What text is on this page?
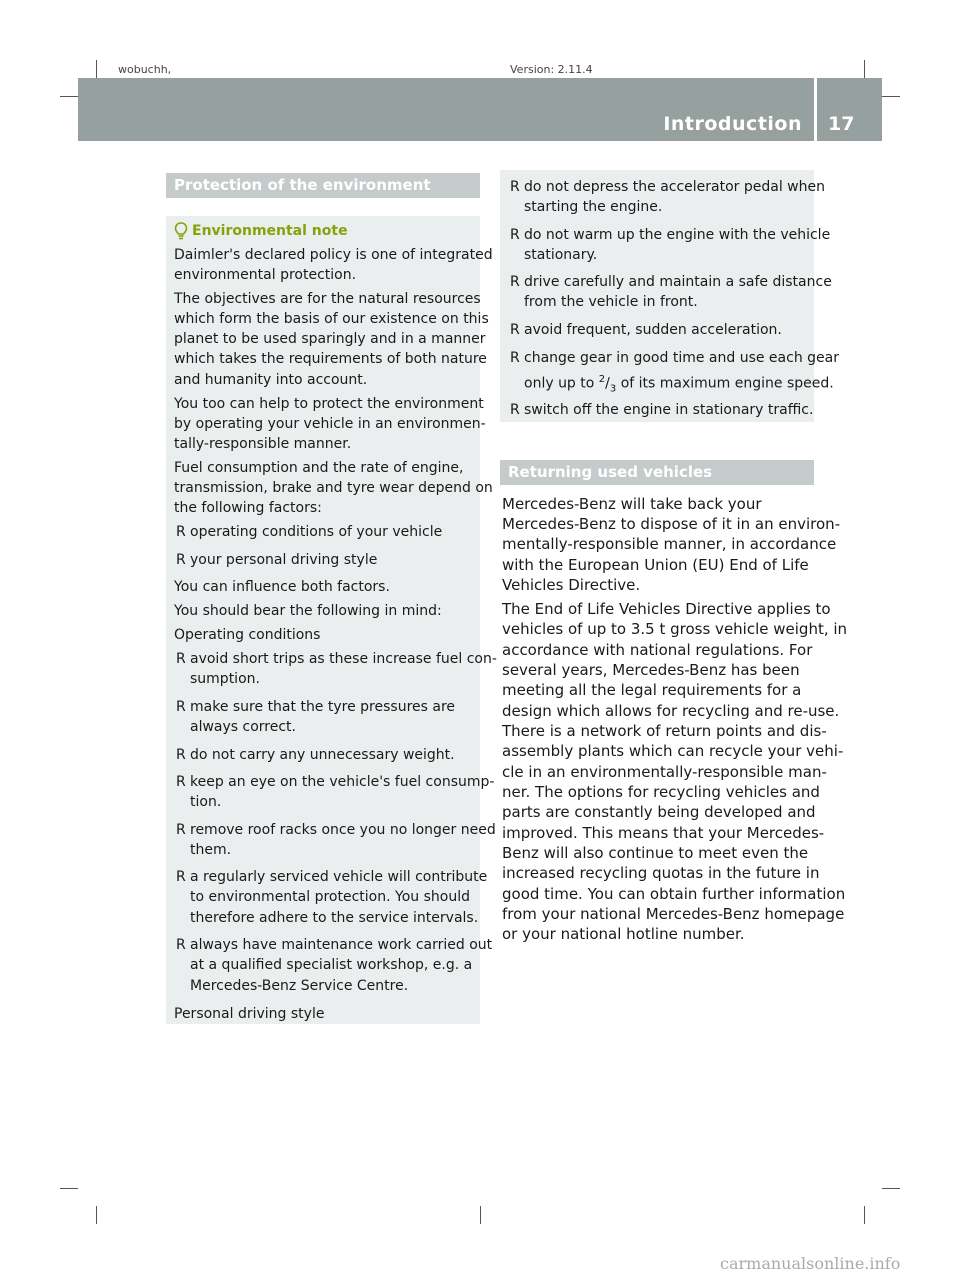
wobuchh,	Version: 2.11.4
Introduction 17
Protection of the environment
Environmental note
Daimler's declared policy is one of integrated
environmental protection.
The objectives are for the natural resources
which form the basis of our existence on this
planet to be used sparingly and in a manner
which takes the requirements of both nature
and humanity into account.
You too can help to protect the environment
by operating your vehicle in an environmen-
tally-responsible manner.
Fuel consumption and the rate of engine,
transmission, brake and tyre wear depend on
the following factors:
R operating conditions of your vehicle
R your personal driving style
You can influence both factors.
You should bear the following in mind:
Operating conditions
R avoid short trips as these increase fuel con-
sumption.
R make sure that the tyre pressures are
always correct.
R do not carry any unnecessary weight.
R keep an eye on the vehicle's fuel consump-
tion.
R remove roof racks once you no longer need
them.
R a regularly serviced vehicle will contribute
to environmental protection. You should
therefore adhere to the service intervals.
R always have maintenance work carried out
at a qualified specialist workshop, e.g. a
Mercedes-Benz Service Centre.
Personal driving style
R do not depress the accelerator pedal when
starting the engine.
R do not warm up the engine with the vehicle
stationary.
R drive carefully and maintain a safe distance
from the vehicle in front.
R avoid frequent, sudden acceleration.
R change gear in good time and use each gear
only up to $^2/_3$ of its maximum engine speed.
R switch off the engine in stationary traffic.
Returning used vehicles
Mercedes-Benz will take back your
Mercedes-Benz to dispose of it in an environ-
mentally-responsible manner, in accordance
with the European Union (EU) End of Life
Vehicles Directive.
The End of Life Vehicles Directive applies to
vehicles of up to 3.5 t gross vehicle weight, in
accordance with national regulations. For
several years, Mercedes-Benz has been
meeting all the legal requirements for a
design which allows for recycling and re-use.
There is a network of return points and dis-
assembly plants which can recycle your vehi-
cle in an environmentally-responsible man-
ner. The options for recycling vehicles and
parts are constantly being developed and
improved. This means that your Mercedes-
Benz will also continue to meet even the
increased recycling quotas in the future in
good time. You can obtain further information
from your national Mercedes-Benz homepage
or your national hotline number.
carmanualsonline.info
